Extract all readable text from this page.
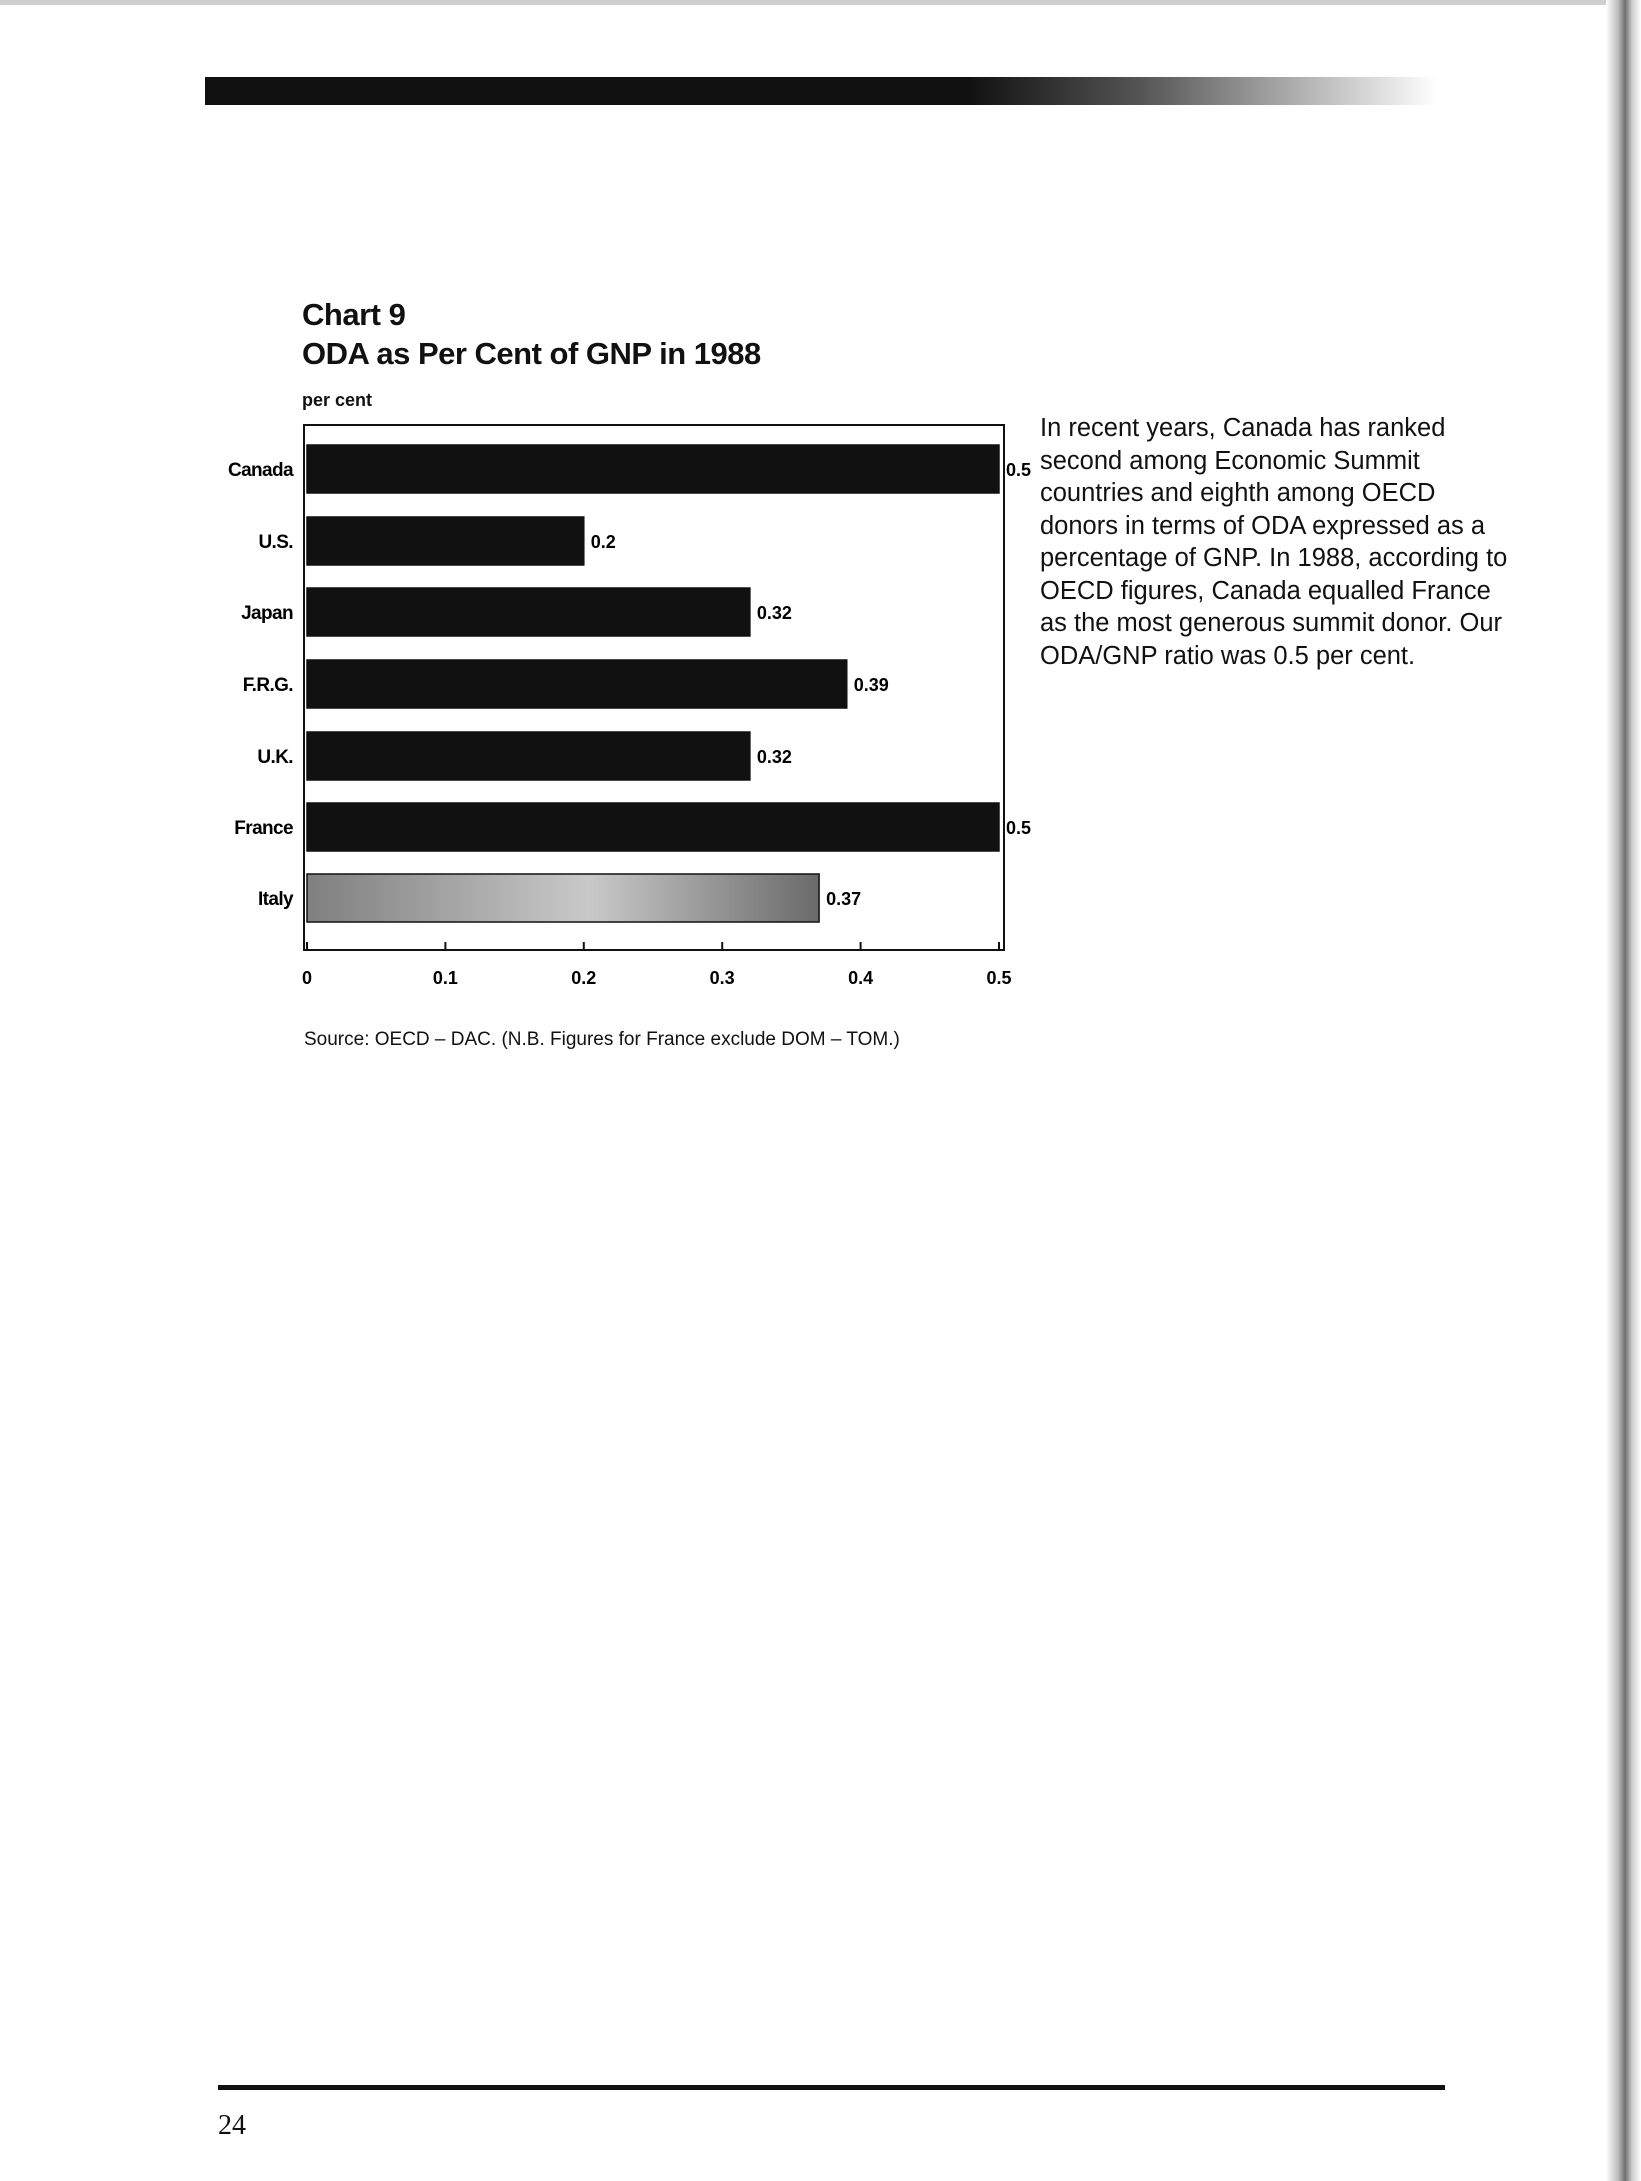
Chart 9
ODA as Per Cent of GNP in 1988
per cent
Canada	0.5
U.S.	0.2
Japan	0.32
F.R.G.	0.39
U.K.	0.32
France	0.5
Italy	0.37
0	0.1	0.2	0.3	0.4	0.5
In recent years, Canada has ranked second among Economic Summit countries and eighth among OECD donors in terms of ODA expressed as a percentage of GNP. In 1988, according to OECD figures, Canada equalled France as the most generous summit donor. Our ODA/GNP ratio was 0.5 per cent.
Source: OECD – DAC. (N.B. Figures for France exclude DOM – TOM.)
24
